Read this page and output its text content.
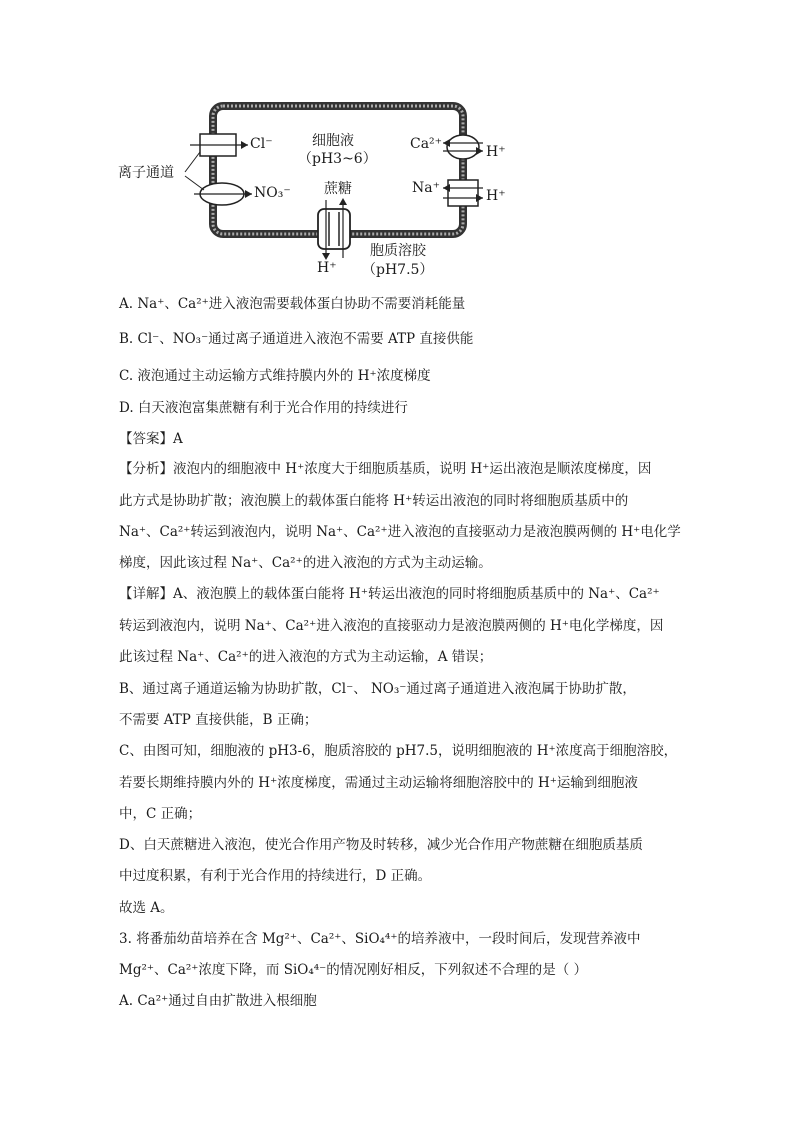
离子通道
Cl⁻
NO₃⁻
细胞液
（pH3~6）
Ca²⁺	H⁺
Na⁺	H⁺
蔗糖
H⁺
胞质溶胶
（pH7.5）
A. Na⁺、Ca²⁺进入液泡需要载体蛋白协助不需要消耗能量
B. Cl⁻、NO₃⁻通过离子通道进入液泡不需要 ATP 直接供能
C. 液泡通过主动运输方式维持膜内外的 H⁺浓度梯度
D. 白天液泡富集蔗糖有利于光合作用的持续进行
【答案】A
【分析】液泡内的细胞液中 H⁺浓度大于细胞质基质，说明 H⁺运出液泡是顺浓度梯度，因
此方式是协助扩散；液泡膜上的载体蛋白能将 H⁺转运出液泡的同时将细胞质基质中的
Na⁺、Ca²⁺转运到液泡内，说明 Na⁺、Ca²⁺进入液泡的直接驱动力是液泡膜两侧的 H⁺电化学
梯度，因此该过程 Na⁺、Ca²⁺的进入液泡的方式为主动运输。
【详解】A、液泡膜上的载体蛋白能将 H⁺转运出液泡的同时将细胞质基质中的 Na⁺、Ca²⁺
转运到液泡内，说明 Na⁺、Ca²⁺进入液泡的直接驱动力是液泡膜两侧的 H⁺电化学梯度，因
此该过程 Na⁺、Ca²⁺的进入液泡的方式为主动运输，A 错误；
B、通过离子通道运输为协助扩散，Cl⁻、 NO₃⁻通过离子通道进入液泡属于协助扩散，
不需要 ATP 直接供能，B 正确；
C、由图可知，细胞液的 pH3-6，胞质溶胶的 pH7.5，说明细胞液的 H⁺浓度高于细胞溶胶，
若要长期维持膜内外的 H⁺浓度梯度，需通过主动运输将细胞溶胶中的 H⁺运输到细胞液
中，C 正确；
D、白天蔗糖进入液泡，使光合作用产物及时转移，减少光合作用产物蔗糖在细胞质基质
中过度积累，有利于光合作用的持续进行，D 正确。
故选 A。
3. 将番茄幼苗培养在含 Mg²⁺、Ca²⁺、SiO₄⁴⁺的培养液中，一段时间后，发现营养液中
Mg²⁺、Ca²⁺浓度下降，而 SiO₄⁴⁻的情况刚好相反，下列叙述不合理的是（ ）
A. Ca²⁺通过自由扩散进入根细胞
